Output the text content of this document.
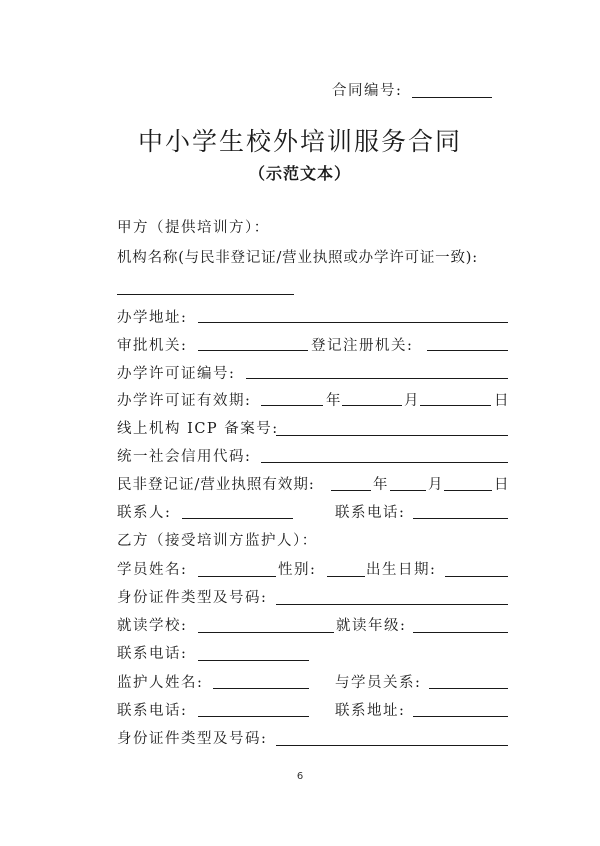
合同编号:
中小学生校外培训服务合同
（示范文本）
甲方（提供培训方）：
机构名称(与民非登记证/营业执照或办学许可证一致):
办学地址:
审批机关:	登记注册机关:
办学许可证编号:
办学许可证有效期:	年	月	日
线上机构 ICP 备案号:
统一社会信用代码:
民非登记证/营业执照有效期:	年	月	日
联系人:	联系电话:
乙方（接受培训方监护人）：
学员姓名:	性别:	出生日期:
身份证件类型及号码:
就读学校:	就读年级:
联系电话:
监护人姓名:	与学员关系:
联系电话:	联系地址:
身份证件类型及号码:
6
